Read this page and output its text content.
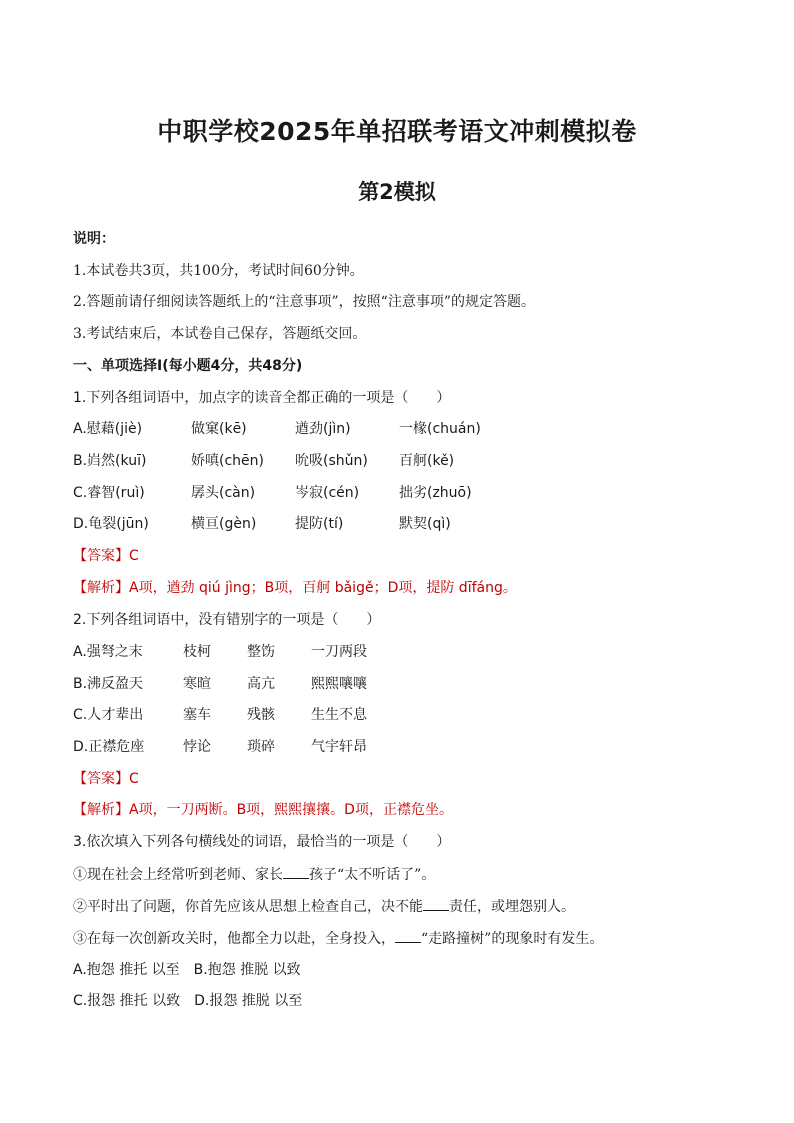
中职学校2025年单招联考语文冲刺模拟卷
第2模拟
说明：
1.本试卷共3页，共100分，考试时间60分钟。
2.答题前请仔细阅读答题纸上的“注意事项”，按照“注意事项”的规定答题。
3.考试结束后，本试卷自己保存，答题纸交回。
一、单项选择Ⅰ(每小题4分，共48分)
1.下列各组词语中，加点字的读音全都正确的一项是（　　）
A.慰藉(jiè)	做窠(kē)	遒劲(jìn)	一椽(chuán)
B.岿然(kuī)	娇嗔(chēn) 吮吸(shǔn) 百舸(kě)
C.睿智(ruì)	孱头(càn)	岑寂(cén)	拙劣(zhuō)
D.龟裂(jūn)	横亘(gèn)	提防(tí)	默契(qì)
【答案】C
【解析】A项，遒劲 qiú jìng；B项，百舸 bǎigě；D项，提防 dīfáng。
2.下列各组词语中，没有错别字的一项是（　　）
A.强弩之末	枝柯	整饬	一刀两段
B.沸反盈天	寒暄	高亢	熙熙嚷嚷
C.人才辈出	塞车	残骸	生生不息
D.正襟危座	悖论	琐碎	气宇轩昂
【答案】C
【解析】A项，一刀两断。B项，熙熙攘攘。D项，正襟危坐。
3.依次填入下列各句横线处的词语，最恰当的一项是（　　）
①现在社会上经常听到老师、家长 孩子“太不听话了”。
②平时出了问题，你首先应该从思想上检查自己，决不能 责任，或埋怨别人。
③在每一次创新攻关时，他都全力以赴，全身投入， “走路撞树”的现象时有发生。
A.抱怨 推托 以至　B.抱怨 推脱 以致
C.报怨 推托 以致　D.报怨 推脱 以至
